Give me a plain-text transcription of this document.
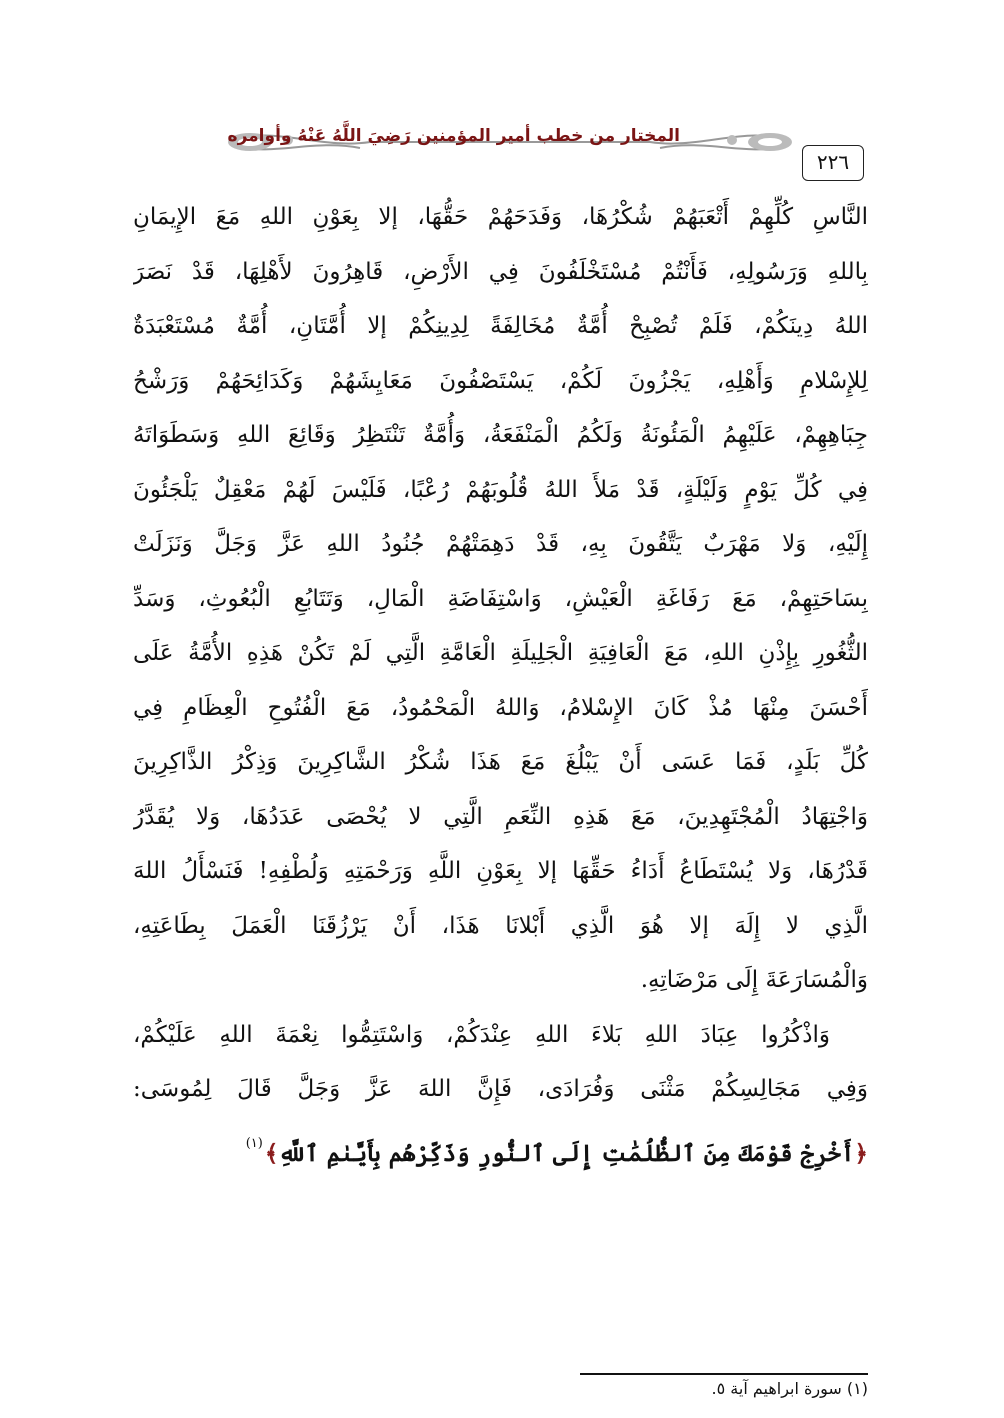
المختار من خطب أمير المؤمنين رَضِيَ اللَّهُ عَنْهُ وأوامره
٢٢٦
النَّاسِ كُلِّهِمْ أَتْعَبَهُمْ شُكْرُهَا، وَفَدَحَهُمْ حَقُّهَا، إلا بِعَوْنِ اللهِ مَعَ الإِيمَانِ
بِاللهِ وَرَسُولِهِ، فَأَنْتُمْ مُسْتَخْلَفُونَ فِي الأَرْضِ، قَاهِرُونَ لأَهْلِهَا، قَدْ نَصَرَ
اللهُ دِينَكُمْ، فَلَمْ تُصْبِحْ أُمَّةٌ مُخَالِفَةً لِدِينِكُمْ إلا أُمَّتَانِ، أُمَّةٌ مُسْتَعْبَدَةٌ
لِلإِسْلامِ وَأَهْلِهِ، يَجْزُونَ لَكُمْ، يَسْتَصْفُونَ مَعَايِشَهُمْ وَكَدَائِحَهُمْ وَرَشْحُ
جِبَاهِهِمْ، عَلَيْهِمُ الْمَئُونَةُ وَلَكُمُ الْمَنْفَعَةُ، وَأُمَّةٌ تَنْتَظِرُ وَقَائِعَ اللهِ وَسَطَوَاتَهُ
فِي كُلِّ يَوْمٍ وَلَيْلَةٍ، قَدْ مَلأَ اللهُ قُلُوبَهُمْ رُعْبًا، فَلَيْسَ لَهُمْ مَعْقِلٌ يَلْجَئُونَ
إِلَيْهِ، وَلا مَهْرَبٌ يَتَّقُونَ بِهِ، قَدْ دَهِمَتْهُمْ جُنُودُ اللهِ عَزَّ وَجَلَّ وَنَزَلَتْ
بِسَاحَتِهِمْ، مَعَ رَفَاغَةِ الْعَيْشِ، وَاسْتِفَاضَةِ الْمَالِ، وَتَتَابُعِ الْبُعُوثِ، وَسَدِّ
الثُّغُورِ بِإِذْنِ اللهِ، مَعَ الْعَافِيَةِ الْجَلِيلَةِ الْعَامَّةِ الَّتِي لَمْ تَكُنْ هَذِهِ الأُمَّةُ عَلَى
أَحْسَنَ مِنْهَا مُذْ كَانَ الإِسْلامُ، وَاللهُ الْمَحْمُودُ، مَعَ الْفُتُوحِ الْعِظَامِ فِي
كُلِّ بَلَدٍ، فَمَا عَسَى أَنْ يَبْلُغَ مَعَ هَذَا شُكْرُ الشَّاكِرِينَ وَذِكْرُ الذَّاكِرِينَ
وَاجْتِهَادُ الْمُجْتَهِدِينَ، مَعَ هَذِهِ النِّعَمِ الَّتِي لا يُحْصَى عَدَدُهَا، وَلا يُقَدَّرُ
قَدْرُهَا، وَلا يُسْتَطَاعُ أَدَاءُ حَقِّهَا إلا بِعَوْنِ اللَّهِ وَرَحْمَتِهِ وَلُطْفِهِ! فَنَسْأَلُ اللهَ
الَّذِي لا إِلَهَ إلا هُوَ الَّذِي أَبْلانَا هَذَا، أَنْ يَرْزُقَنَا الْعَمَلَ بِطَاعَتِهِ،
وَالْمُسَارَعَةَ إِلَى مَرْضَاتِهِ.
وَاذْكُرُوا عِبَادَ اللهِ بَلاءَ اللهِ عِنْدَكُمْ، وَاسْتَتِمُّوا نِعْمَةَ اللهِ عَلَيْكُمْ،
وَفِي مَجَالِسِكُمْ مَثْنَى وَفُرَادَى، فَإِنَّ اللهَ عَزَّ وَجَلَّ قَالَ لِمُوسَى:
﴿أَخْرِجْ قَوْمَكَ مِنَ ٱلظُّلُمَٰتِ إِلَى ٱلنُّورِ وَذَكِّرْهُم بِأَيَّىٰمِ ٱللَّهِ﴾$^{(١)}$
(١) سورة ابراهيم آية ٥.
